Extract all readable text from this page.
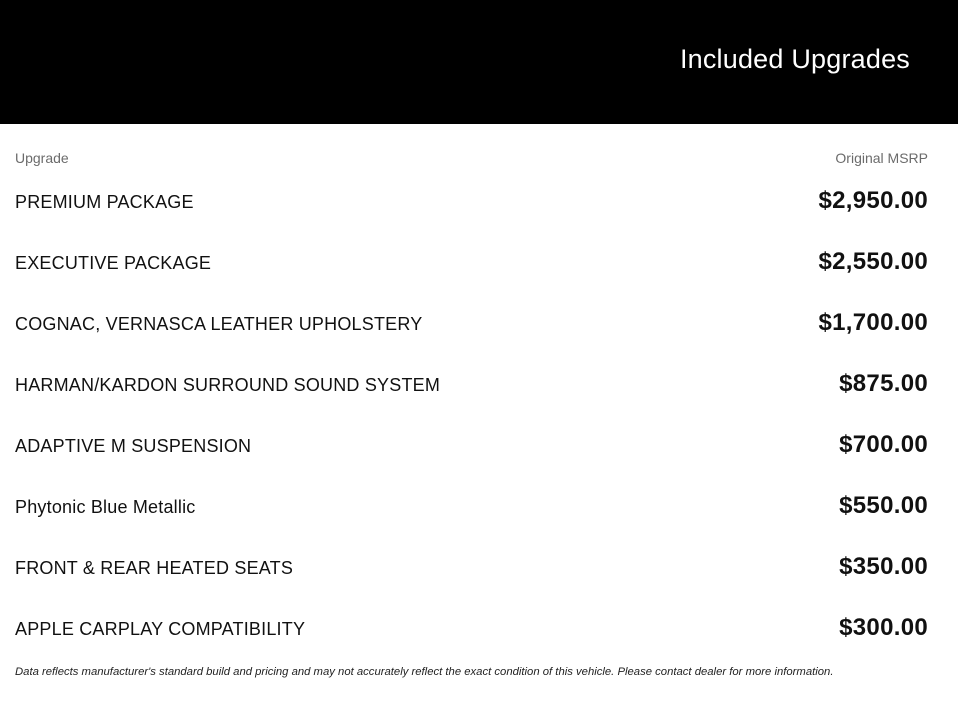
Included Upgrades
Upgrade	Original MSRP
PREMIUM PACKAGE	$2,950.00
EXECUTIVE PACKAGE	$2,550.00
COGNAC, VERNASCA LEATHER UPHOLSTERY	$1,700.00
HARMAN/KARDON SURROUND SOUND SYSTEM	$875.00
ADAPTIVE M SUSPENSION	$700.00
Phytonic Blue Metallic	$550.00
FRONT & REAR HEATED SEATS	$350.00
APPLE CARPLAY COMPATIBILITY	$300.00
Data reflects manufacturer's standard build and pricing and may not accurately reflect the exact condition of this vehicle. Please contact dealer for more information.
